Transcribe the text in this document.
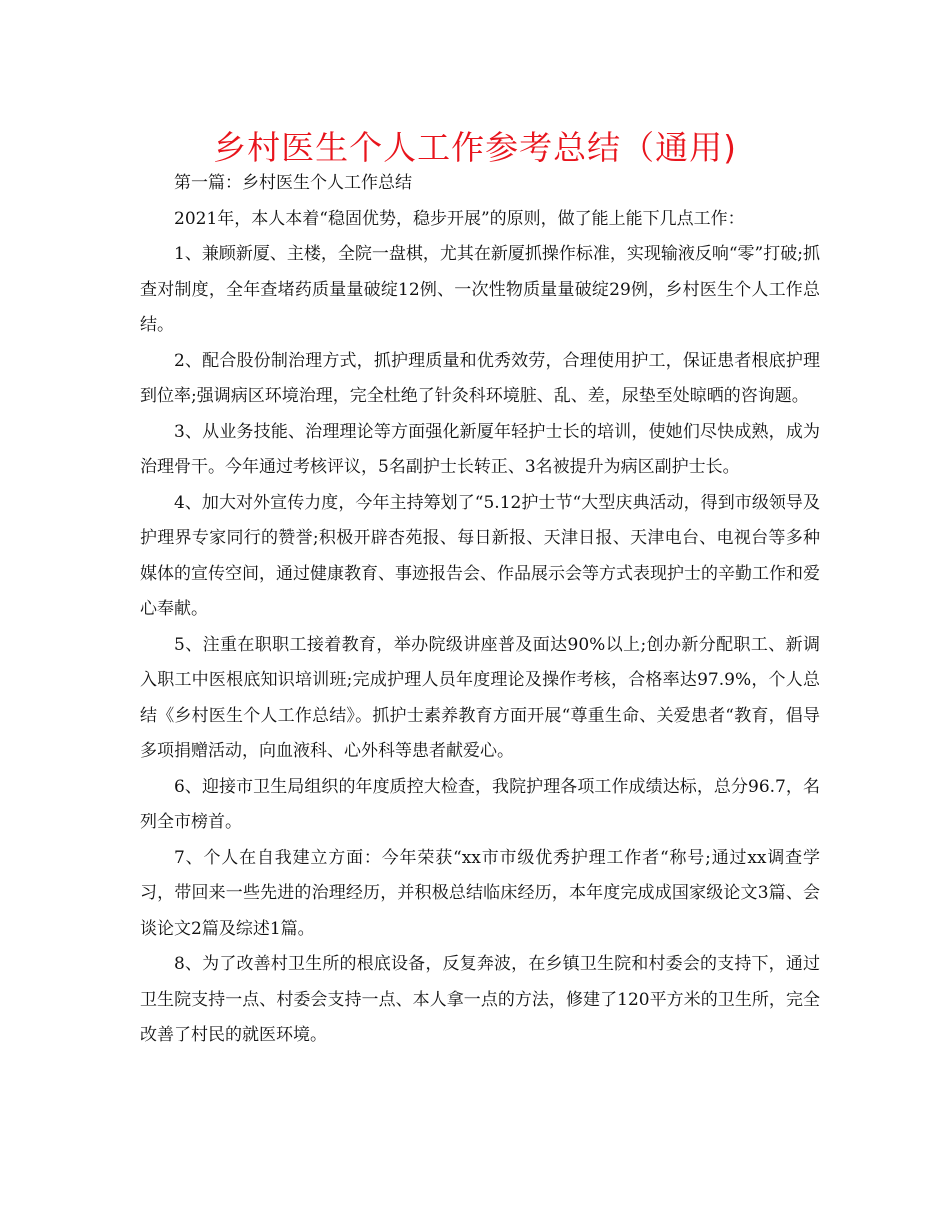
乡村医生个人工作参考总结（通用)

第一篇：乡村医生个人工作总结

2021年，本人本着“稳固优势，稳步开展”的原则，做了能上能下几点工作：

1、兼顾新厦、主楼，全院一盘棋，尤其在新厦抓操作标准，实现输液反响“零”打破;抓查对制度，全年查堵药质量量破绽12例、一次性物质量量破绽29例，乡村医生个人工作总结。

2、配合股份制治理方式，抓护理质量和优秀效劳，合理使用护工，保证患者根底护理到位率;强调病区环境治理，完全杜绝了针灸科环境脏、乱、差，尿垫至处晾晒的咨询题。

3、从业务技能、治理理论等方面强化新厦年轻护士长的培训，使她们尽快成熟，成为治理骨干。今年通过考核评议，5名副护士长转正、3名被提升为病区副护士长。

4、加大对外宣传力度，今年主持筹划了“5.12护士节“大型庆典活动，得到市级领导及护理界专家同行的赞誉;积极开辟杏苑报、每日新报、天津日报、天津电台、电视台等多种媒体的宣传空间，通过健康教育、事迹报告会、作品展示会等方式表现护士的辛勤工作和爱心奉献。

5、注重在职职工接着教育，举办院级讲座普及面达90%以上;创办新分配职工、新调入职工中医根底知识培训班;完成护理人员年度理论及操作考核，合格率达97.9%，个人总结《乡村医生个人工作总结》。抓护士素养教育方面开展“尊重生命、关爱患者“教育，倡导多项捐赠活动，向血液科、心外科等患者献爱心。

6、迎接市卫生局组织的年度质控大检查，我院护理各项工作成绩达标，总分96.7，名列全市榜首。

7、个人在自我建立方面：今年荣获“xx市市级优秀护理工作者“称号;通过xx调查学习，带回来一些先进的治理经历，并积极总结临床经历，本年度完成成国家级论文3篇、会谈论文2篇及综述1篇。

8、为了改善村卫生所的根底设备，反复奔波，在乡镇卫生院和村委会的支持下，通过卫生院支持一点、村委会支持一点、本人拿一点的方法，修建了120平方米的卫生所，完全改善了村民的就医环境。
